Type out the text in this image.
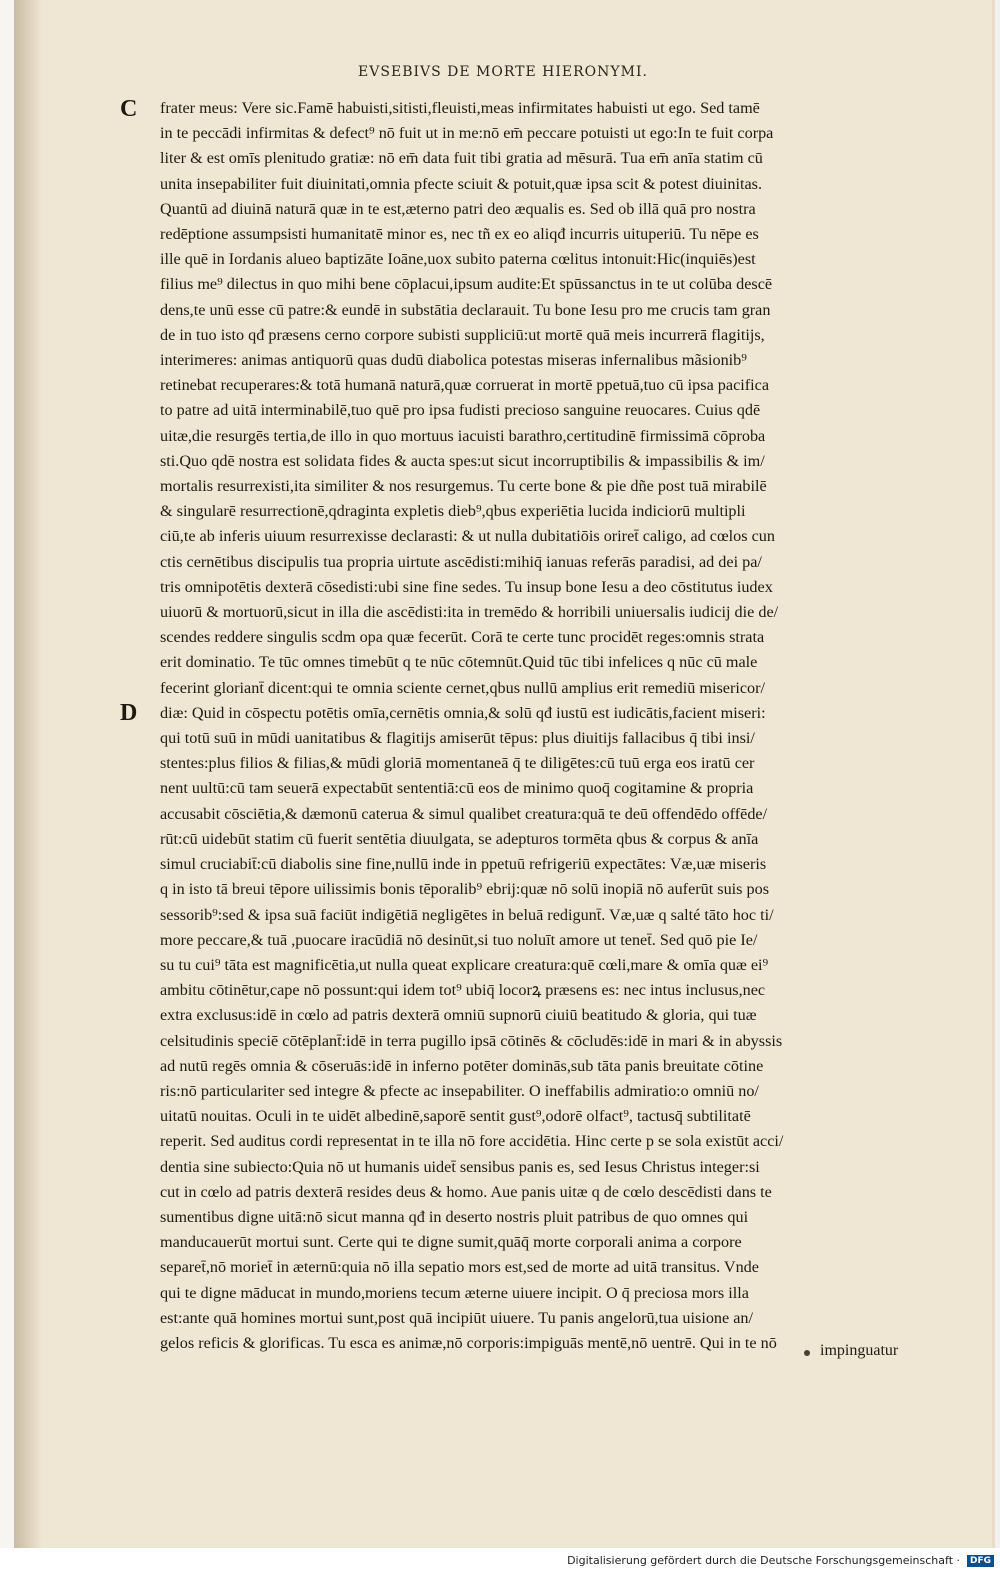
EVSEBIVS DE MORTE HIERONYMI.
C
D
frater meus: Vere sic.Famē habuisti,sitisti,fleuisti,meas infirmitates habuisti ut ego. Sed tamē
in te peccādi infirmitas & defect⁹ nō fuit ut in me:nō em̄ peccare potuisti ut ego:In te fuit corpa
liter & est omīs plenitudo gratiæ: nō em̄ data fuit tibi gratia ad mēsurā. Tua em̄ anīa statim cū
unita insepabiliter fuit diuinitati,omnia pfecte sciuit & potuit,quæ ipsa scit & potest diuinitas.
Quantū ad diuinā naturā quæ in te est,æterno patri deo æqualis es. Sed ob illā quā pro nostra
redēptione assumpsisti humanitatē minor es, nec tñ ex eo aliqđ incurris uituperiū. Tu nēpe es
ille quē in Iordanis alueo baptizāte Ioāne,uox subito paterna cœlitus intonuit:Hic(inquiēs)est
filius me⁹ dilectus in quo mihi bene cōplacui,ipsum audite:Et spūssanctus in te ut colūba descē
dens,te unū esse cū patre:& eundē in substātia declarauit. Tu bone Iesu pro me crucis tam gran
de in tuo isto qđ præsens cerno corpore subisti suppliciū:ut mortē quā meis incurrerā flagitijs,
interimeres: animas antiquorū quas dudū diabolica potestas miseras infernalibus mãsionib⁹
retinebat recuperares:& totā humanā naturā,quæ corruerat in mortē ppetuā,tuo cū ipsa pacifica
to patre ad uitā interminabilē,tuo quē pro ipsa fudisti precioso sanguine reuocares. Cuius qdē
uitæ,die resurgēs tertia,de illo in quo mortuus iacuisti barathro,certitudinē firmissimā cōproba
sti.Quo qdē nostra est solidata fides & aucta spes:ut sicut incorruptibilis & impassibilis & im/
mortalis resurrexisti,ita similiter & nos resurgemus. Tu certe bone & pie dñe post tuā mirabilē
& singularē resurrectionē,qdraginta expletis dieb⁹,qbus experiētia lucida indiciorū multipli
ciū,te ab inferis uiuum resurrexisse declarasti: & ut nulla dubitatiōis oriret̄ caligo, ad cœlos cun
ctis cernētibus discipulis tua propria uirtute ascēdisti:mihiq̄ ianuas referās paradisi, ad dei pa/
tris omnipotētis dexterā cōsedisti:ubi sine fine sedes. Tu insup bone Iesu a deo cōstitutus iudex
uiuorū & mortuorū,sicut in illa die ascēdisti:ita in tremēdo & horribili uniuersalis iudicij die de/
scendes reddere singulis scdm opa quæ fecerūt. Corā te certe tunc procidēt reges:omnis strata
erit dominatio. Te tūc omnes timebūt q te nūc cōtemnūt.Quid tūc tibi infelices q nūc cū male
fecerint gloriant̄ dicent:qui te omnia sciente cernet,qbus nullū amplius erit remediū misericor/
diæ: Quid in cōspectu potētis omīa,cernētis omnia,& solū qđ iustū est iudicātis,facient miseri:
qui totū suū in mūdi uanitatibus & flagitijs amiserūt tēpus: plus diuitijs fallacibus q̄ tibi insi/
stentes:plus filios & filias,& mūdi gloriā momentaneā q̄ te diligētes:cū tuū erga eos iratū cer
nent uultū:cū tam seuerā expectabūt sententiā:cū eos de minimo quoq̄ cogitamine & propria
accusabit cōsciētia,& dæmonū caterua & simul qualibet creatura:quā te deū offendēdo offēde/
rūt:cū uidebūt statim cū fuerit sentētia diuulgata, se adepturos tormēta qbus & corpus & anīa
simul cruciabit̄:cū diabolis sine fine,nullū inde in ppetuū refrigeriū expectātes: Væ,uæ miseris
q in isto tā breui tēpore uilissimis bonis tēporalib⁹ ebrij:quæ nō solū inopiā nō auferūt suis pos
sessorib⁹:sed & ipsa suā faciūt indigētiā negligētes in beluā redigunt̄. Væ,uæ q salté tāto hoc ti/
more peccare,& tuā ,puocare iracūdiā nō desinūt,si tuo noluīt amore ut tenet̄. Sed quō pie Ie/
su tu cui⁹ tāta est magnificētia,ut nulla queat explicare creatura:quē cœli,mare & omīa quæ ei⁹
ambitu cōtinētur,cape nō possunt:qui idem tot⁹ ubiq̄ locorꝝ præsens es: nec intus inclusus,nec
extra exclusus:idē in cœlo ad patris dexterā omniū supnorū ciuiū beatitudo & gloria, qui tuæ
celsitudinis speciē cōtēplant̄:idē in terra pugillo ipsā cōtinēs & cōcludēs:idē in mari & in abyssis
ad nutū regēs omnia & cōseruās:idē in inferno potēter dominās,sub tāta panis breuitate cōtine
ris:nō particulariter sed integre & pfecte ac insepabiliter. O ineffabilis admiratio:o omniū no/
uitatū nouitas. Oculi in te uidēt albedinē,saporē sentit gust⁹,odorē olfact⁹, tactusq̄ subtilitatē
reperit. Sed auditus cordi representat in te illa nō fore accidētia. Hinc certe p se sola existūt acci/
dentia sine subiecto:Quia nō ut humanis uidet̄ sensibus panis es, sed Iesus Christus integer:si
cut in cœlo ad patris dexterā resides deus & homo. Aue panis uitæ q de cœlo descēdisti dans te
sumentibus digne uitā:nō sicut manna qđ in deserto nostris pluit patribus de quo omnes qui
manducauerūt mortui sunt. Certe qui te digne sumit,quāq̄ morte corporali anima a corpore
separet̄,nō moriet̄ in æternū:quia nō illa sepatio mors est,sed de morte ad uitā transitus. Vnde
qui te digne māducat in mundo,moriens tecum æterne uiuere incipit. O q̄ preciosa mors illa
est:ante quā homines mortui sunt,post quā incipiūt uiuere. Tu panis angelorū,tua uisione an/
gelos reficis & glorificas. Tu esca es animæ,nō corporis:impiguās mentē,nō uentrē. Qui in te nō	impinguatur
Digitalisierung gefördert durch die Deutsche Forschungsgemeinschaft ·	DFG
